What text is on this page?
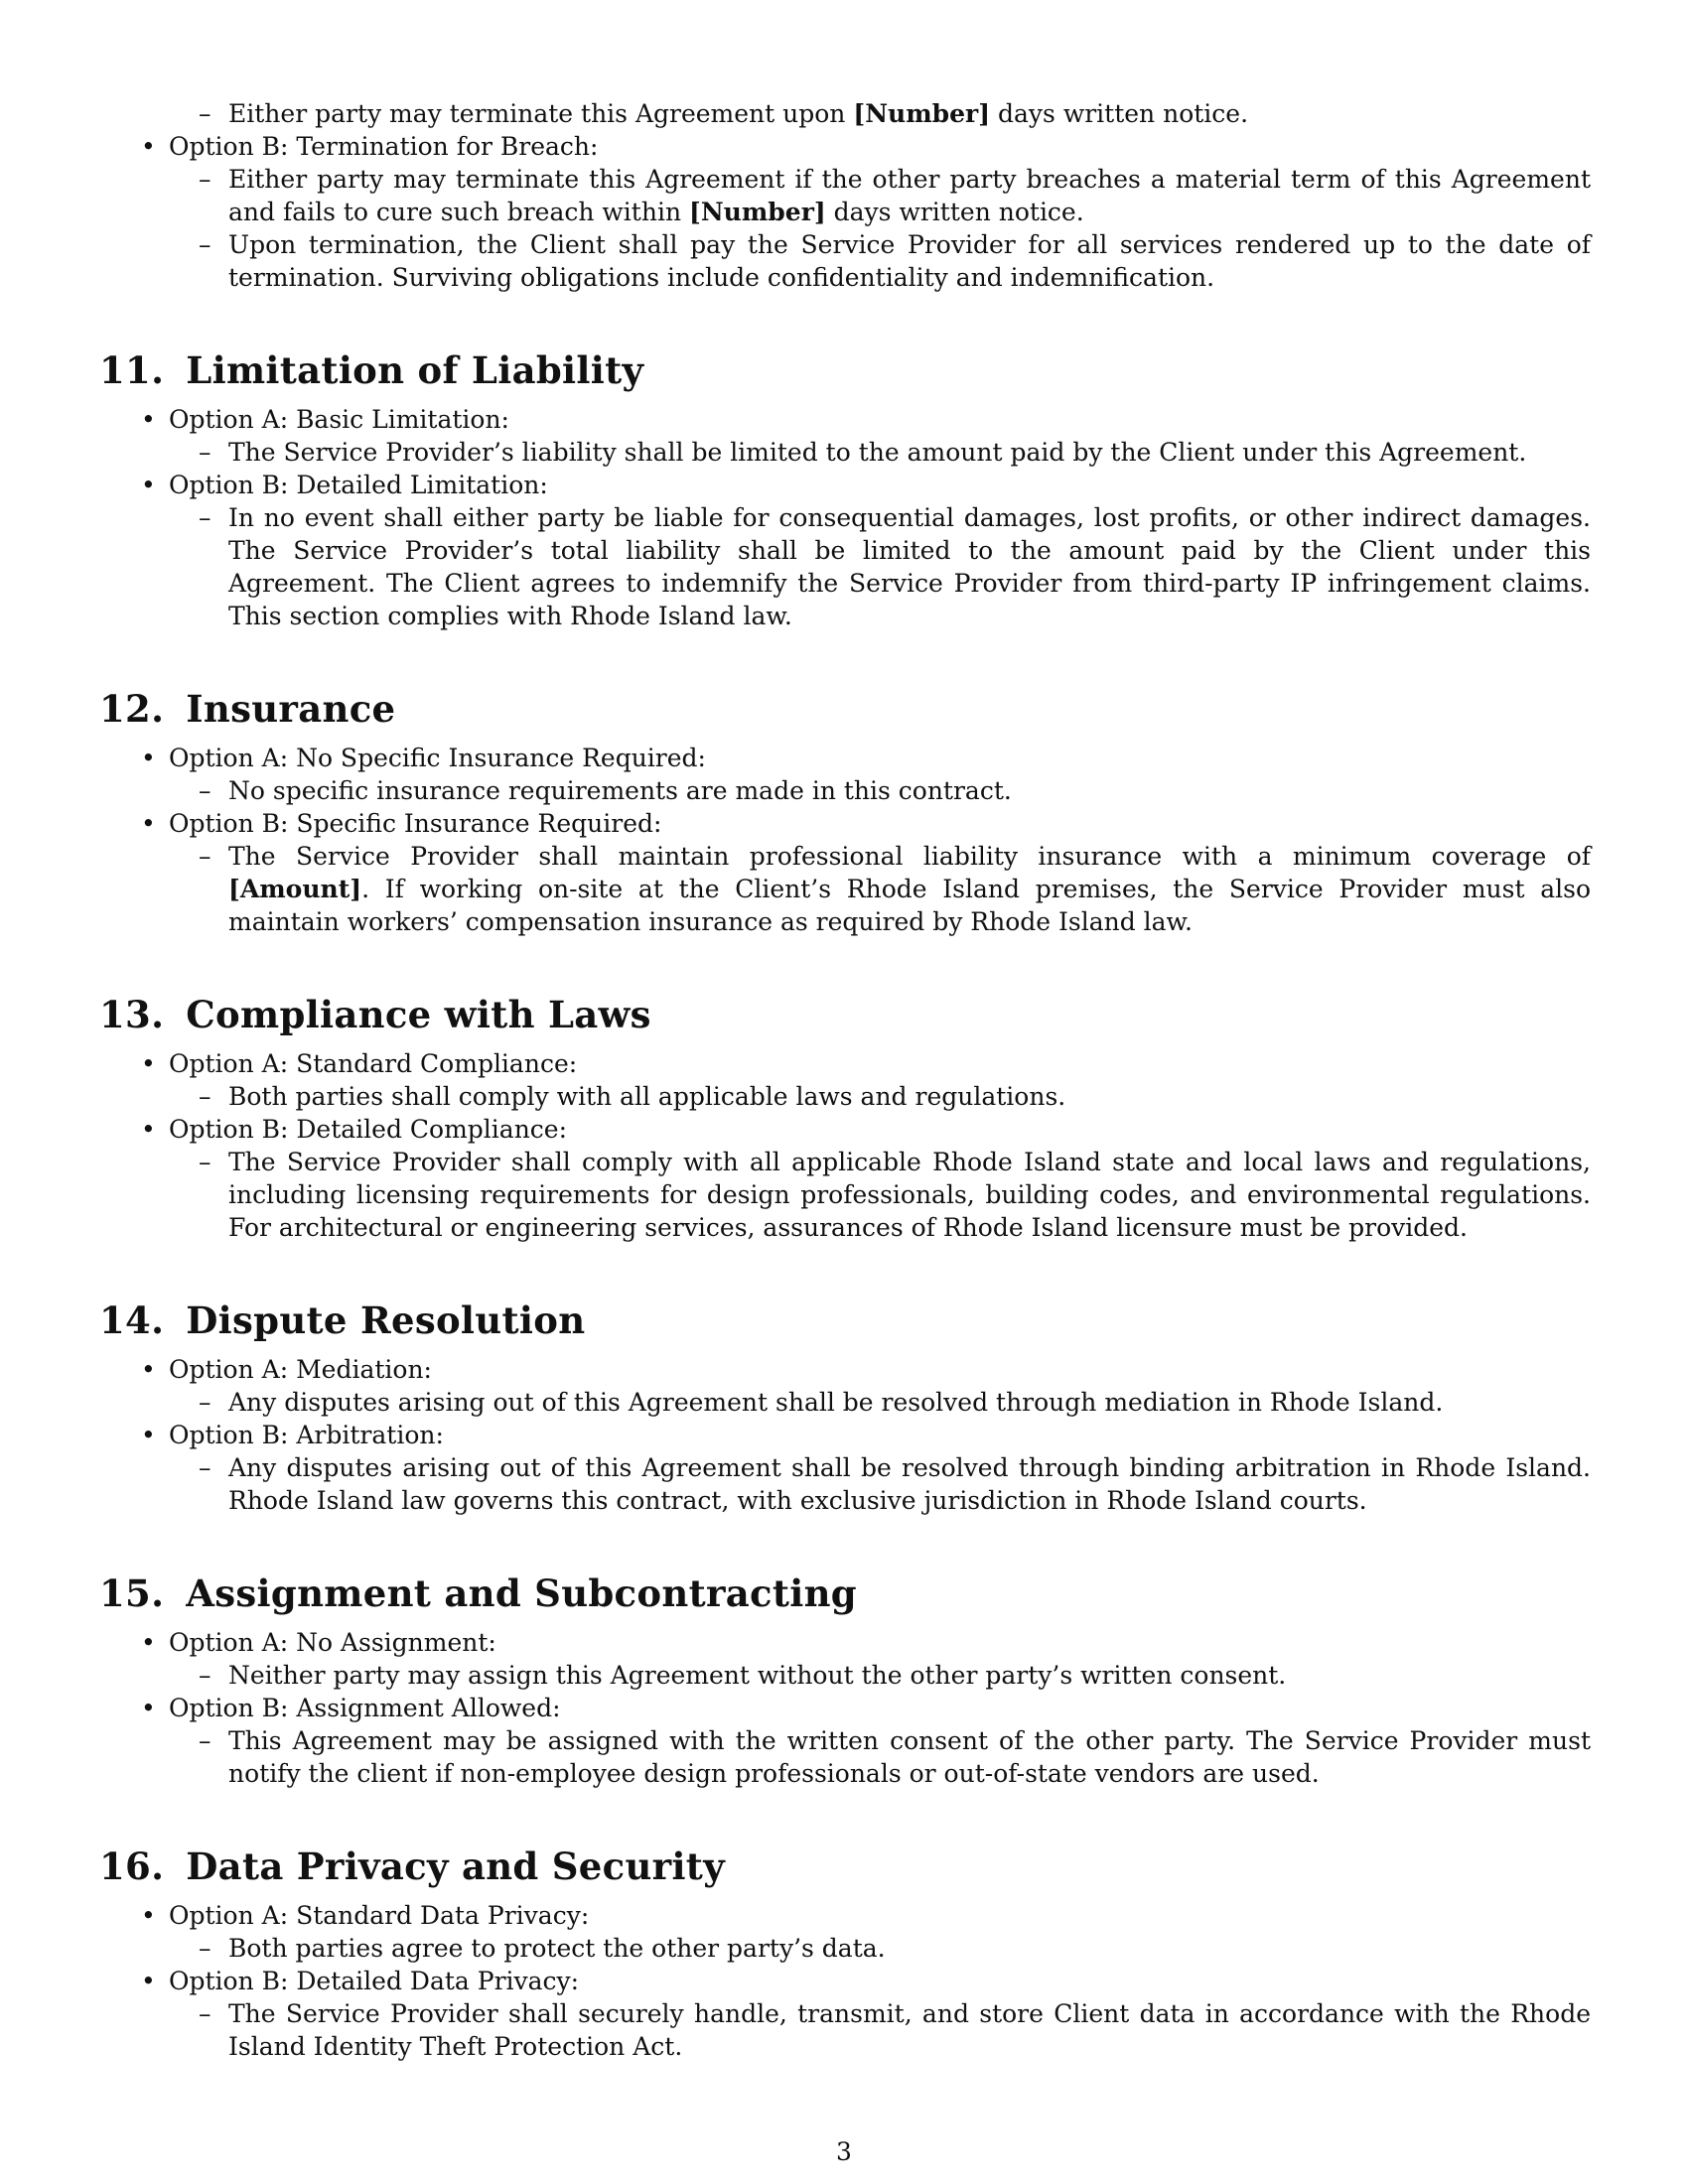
– Either party may terminate this Agreement upon [Number] days written notice.
• Option B: Termination for Breach:
– Either party may terminate this Agreement if the other party breaches a material term of this Agreement and fails to cure such breach within [Number] days written notice.
– Upon termination, the Client shall pay the Service Provider for all services rendered up to the date of termination. Surviving obligations include confidentiality and indemnification.
11. Limitation of Liability
• Option A: Basic Limitation:
– The Service Provider’s liability shall be limited to the amount paid by the Client under this Agreement.
• Option B: Detailed Limitation:
– In no event shall either party be liable for consequential damages, lost profits, or other indirect damages. The Service Provider’s total liability shall be limited to the amount paid by the Client under this Agreement. The Client agrees to indemnify the Service Provider from third-party IP infringement claims. This section complies with Rhode Island law.
12. Insurance
• Option A: No Specific Insurance Required:
– No specific insurance requirements are made in this contract.
• Option B: Specific Insurance Required:
– The Service Provider shall maintain professional liability insurance with a minimum coverage of [Amount]. If working on-site at the Client’s Rhode Island premises, the Service Provider must also maintain workers’ compensation insurance as required by Rhode Island law.
13. Compliance with Laws
• Option A: Standard Compliance:
– Both parties shall comply with all applicable laws and regulations.
• Option B: Detailed Compliance:
– The Service Provider shall comply with all applicable Rhode Island state and local laws and regulations, including licensing requirements for design professionals, building codes, and environmental regulations. For architectural or engineering services, assurances of Rhode Island licensure must be provided.
14. Dispute Resolution
• Option A: Mediation:
– Any disputes arising out of this Agreement shall be resolved through mediation in Rhode Island.
• Option B: Arbitration:
– Any disputes arising out of this Agreement shall be resolved through binding arbitration in Rhode Island. Rhode Island law governs this contract, with exclusive jurisdiction in Rhode Island courts.
15. Assignment and Subcontracting
• Option A: No Assignment:
– Neither party may assign this Agreement without the other party’s written consent.
• Option B: Assignment Allowed:
– This Agreement may be assigned with the written consent of the other party. The Service Provider must notify the client if non-employee design professionals or out-of-state vendors are used.
16. Data Privacy and Security
• Option A: Standard Data Privacy:
– Both parties agree to protect the other party’s data.
• Option B: Detailed Data Privacy:
– The Service Provider shall securely handle, transmit, and store Client data in accordance with the Rhode Island Identity Theft Protection Act.
3
